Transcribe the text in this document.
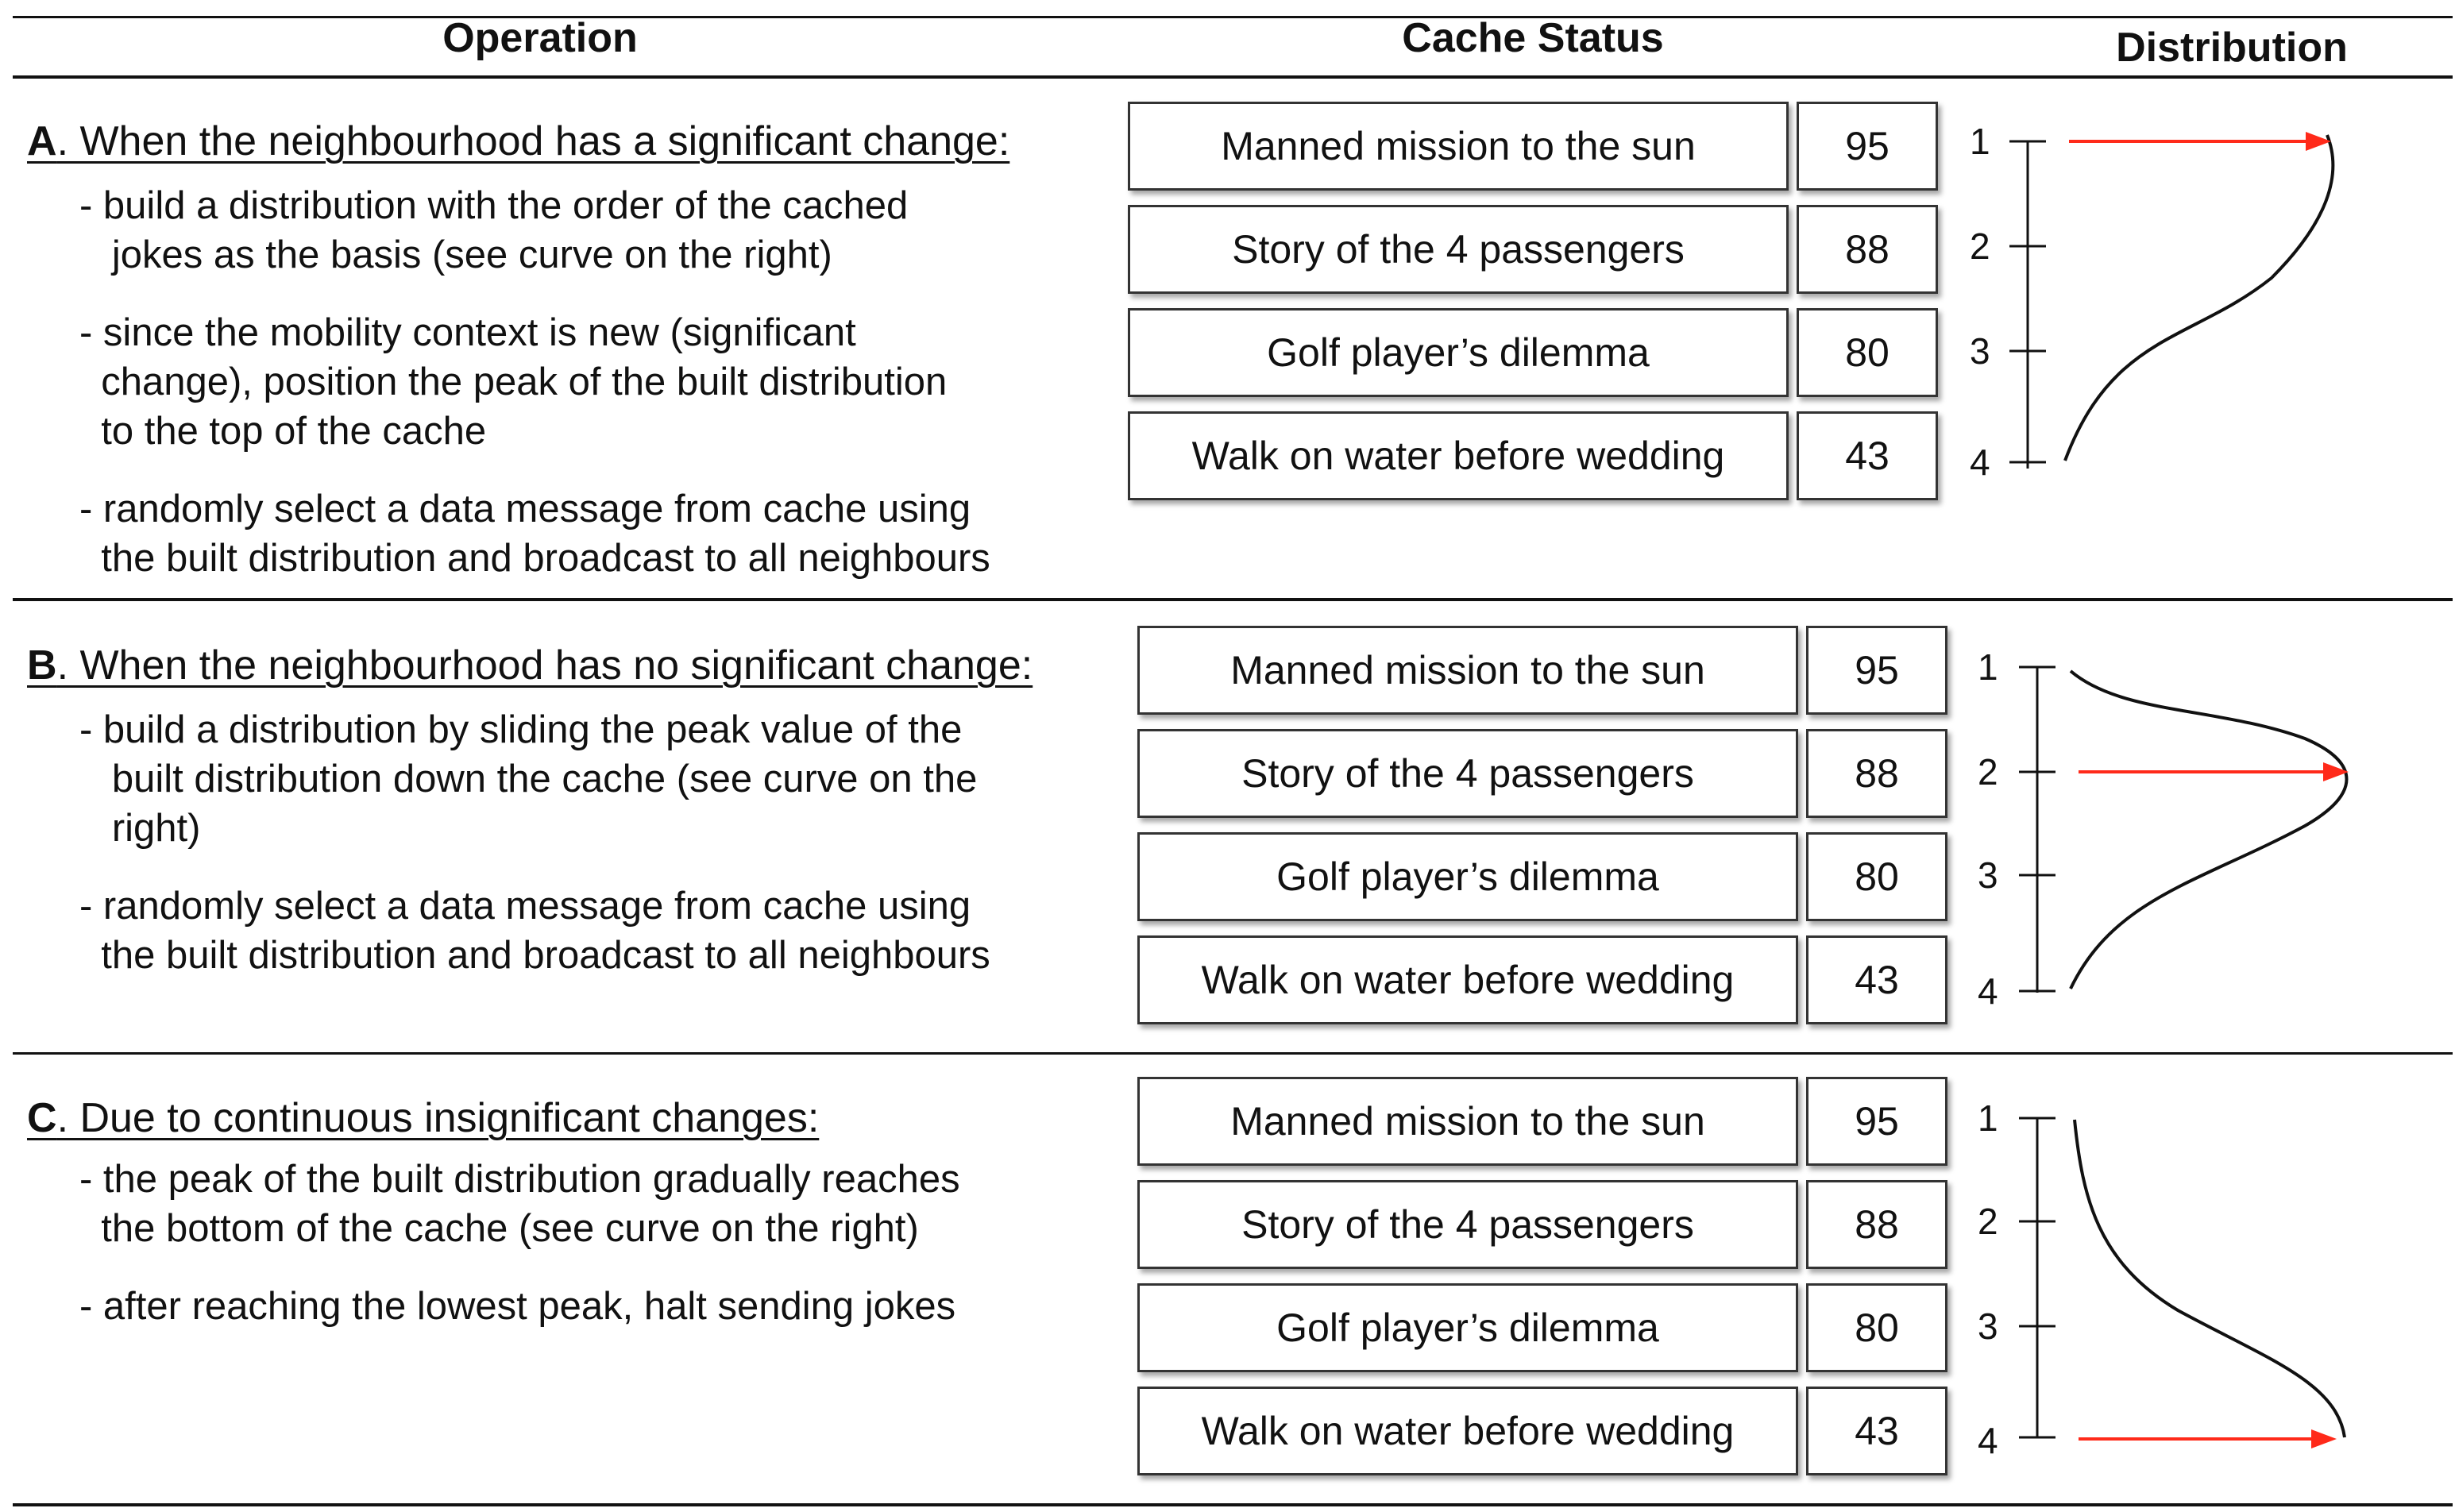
Operation	Cache Status	Distribution
A. When the neighbourhood has a significant change:
- build a distribution with the order of the cached
jokes as the basis (see curve on the right)
- since the mobility context is new (significant
change), position the peak of the built distribution
to the top of the cache
- randomly select a data message from cache using
the built distribution and broadcast to all neighbours
Manned mission to the sun	95
Story of the 4 passengers	88
Golf player’s dilemma	80
Walk on water before wedding	43
1
2
3
4
B. When the neighbourhood has no significant change:
- build a distribution by sliding the peak value of the
built distribution down the cache (see curve on the
right)
- randomly select a data message from cache using
the built distribution and broadcast to all neighbours
Manned mission to the sun	95
Story of the 4 passengers	88
Golf player’s dilemma	80
Walk on water before wedding	43
1
2
3
4
C. Due to continuous insignificant changes:
- the peak of the built distribution gradually reaches
the bottom of the cache (see curve on the right)
- after reaching the lowest peak, halt sending jokes
Manned mission to the sun	95
Story of the 4 passengers	88
Golf player’s dilemma	80
Walk on water before wedding	43
1
2
3
4
